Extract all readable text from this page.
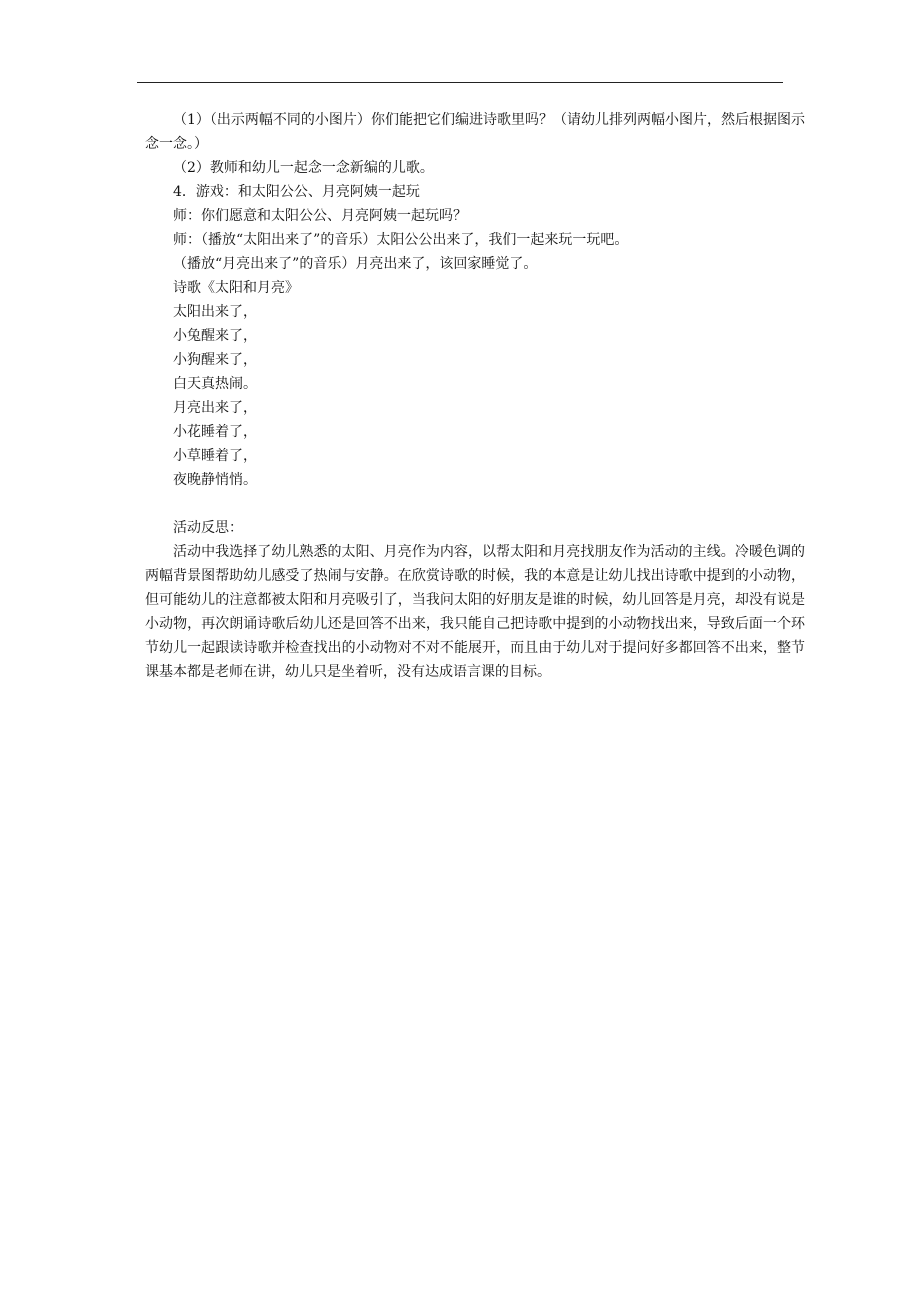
（1）（出示两幅不同的小图片）你们能把它们编进诗歌里吗？（请幼儿排列两幅小图片，然后根据图示念一念。）

（2）教师和幼儿一起念一念新编的儿歌。

4．游戏：和太阳公公、月亮阿姨一起玩

师：你们愿意和太阳公公、月亮阿姨一起玩吗？

师：（播放“太阳出来了”的音乐）太阳公公出来了，我们一起来玩一玩吧。

（播放“月亮出来了”的音乐）月亮出来了，该回家睡觉了。

诗歌《太阳和月亮》

太阳出来了，

小兔醒来了，

小狗醒来了，

白天真热闹。

月亮出来了，

小花睡着了，

小草睡着了，

夜晚静悄悄。

活动反思：

活动中我选择了幼儿熟悉的太阳、月亮作为内容，以帮太阳和月亮找朋友作为活动的主线。冷暖色调的两幅背景图帮助幼儿感受了热闹与安静。在欣赏诗歌的时候，我的本意是让幼儿找出诗歌中提到的小动物，但可能幼儿的注意都被太阳和月亮吸引了，当我问太阳的好朋友是谁的时候，幼儿回答是月亮，却没有说是小动物，再次朗诵诗歌后幼儿还是回答不出来，我只能自己把诗歌中提到的小动物找出来，导致后面一个环节幼儿一起跟读诗歌并检查找出的小动物对不对不能展开，而且由于幼儿对于提问好多都回答不出来，整节课基本都是老师在讲，幼儿只是坐着听，没有达成语言课的目标。
